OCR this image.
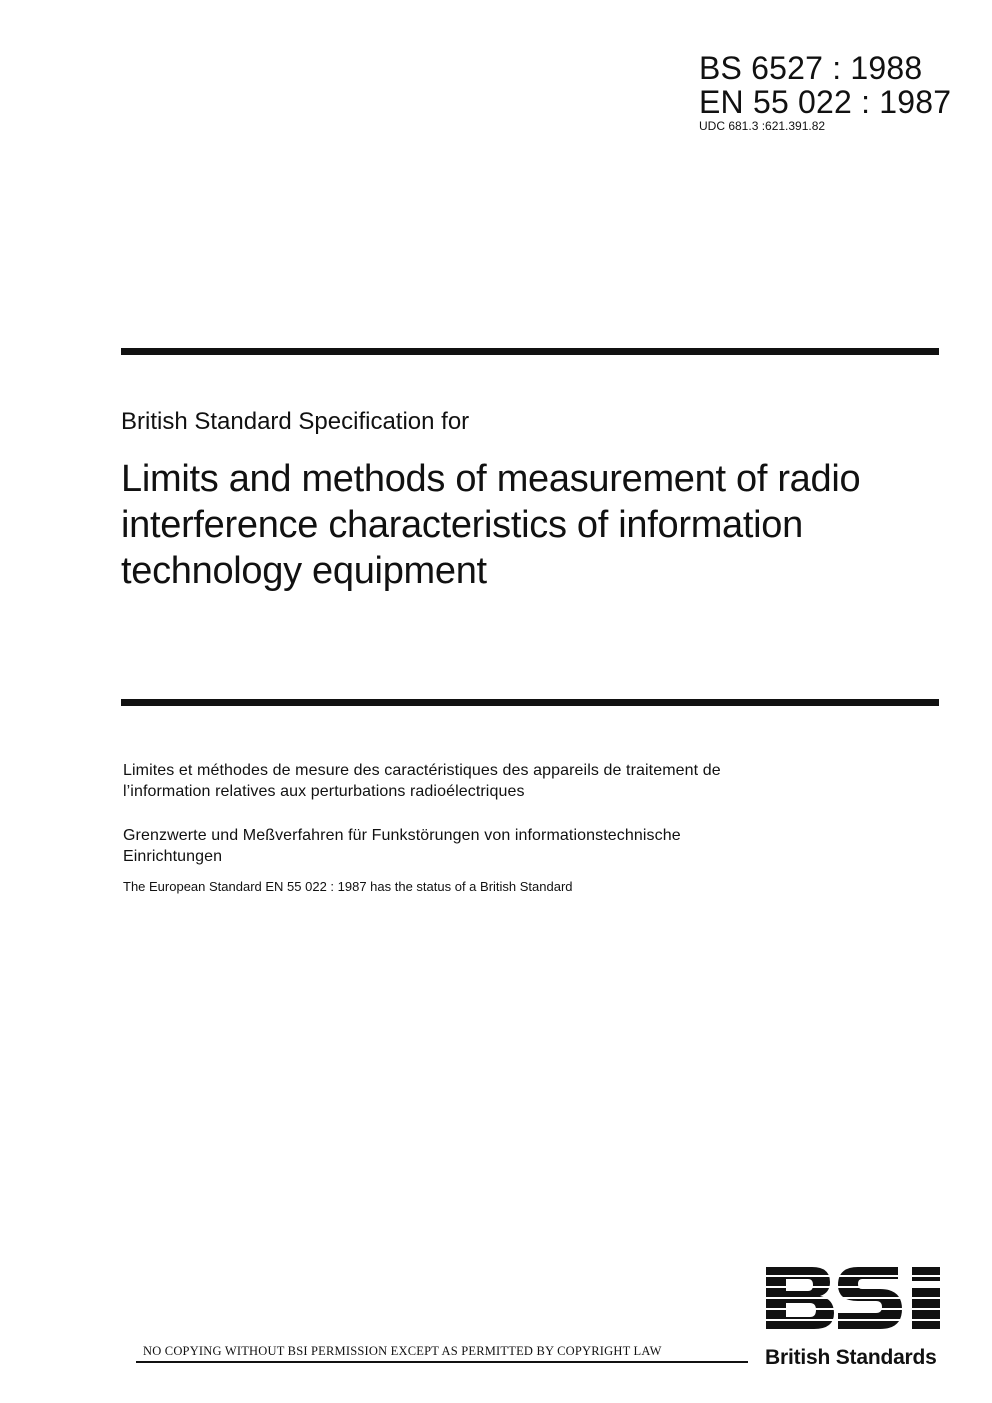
BS 6527 : 1988
EN 55 022 : 1987
UDC 681.3 :621.391.82
British Standard Specification for
Limits and methods of measurement of radio interference characteristics of information technology equipment
Limites et méthodes de mesure des caractéristiques des appareils de traitement de l’information relatives aux perturbations radioélectriques
Grenzwerte und Meßverfahren für Funkstörungen von informationstechnische Einrichtungen
The European Standard EN 55 022 : 1987 has the status of a British Standard
NO COPYING WITHOUT BSI PERMISSION EXCEPT AS PERMITTED BY COPYRIGHT LAW	British Standards
